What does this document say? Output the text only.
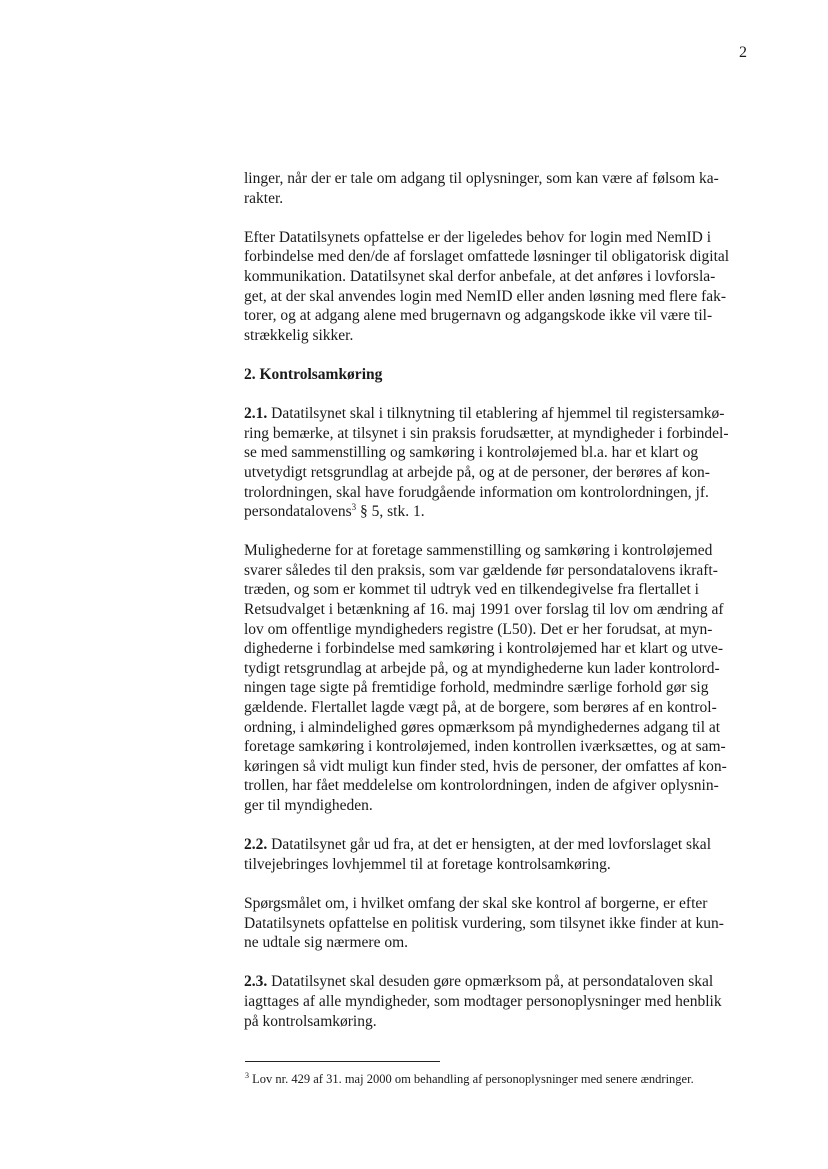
2

linger, når der er tale om adgang til oplysninger, som kan være af følsom ka-
rakter.

Efter Datatilsynets opfattelse er der ligeledes behov for login med NemID i
forbindelse med den/de af forslaget omfattede løsninger til obligatorisk digital
kommunikation. Datatilsynet skal derfor anbefale, at det anføres i lovforsla-
get, at der skal anvendes login med NemID eller anden løsning med flere fak-
torer, og at adgang alene med brugernavn og adgangskode ikke vil være til-
strækkelig sikker.

2. Kontrolsamkøring

2.1. Datatilsynet skal i tilknytning til etablering af hjemmel til registersamkø-
ring bemærke, at tilsynet i sin praksis forudsætter, at myndigheder i forbindel-
se med sammenstilling og samkøring i kontroløjemed bl.a. har et klart og
utvetydigt retsgrundlag at arbejde på, og at de personer, der berøres af kon-
trolordningen, skal have forudgående information om kontrolordningen, jf.
persondatalovens$^3$ § 5, stk. 1.

Mulighederne for at foretage sammenstilling og samkøring i kontroløjemed
svarer således til den praksis, som var gældende før persondatalovens ikraft-
træden, og som er kommet til udtryk ved en tilkendegivelse fra flertallet i
Retsudvalget i betænkning af 16. maj 1991 over forslag til lov om ændring af
lov om offentlige myndigheders registre (L50). Det er her forudsat, at myn-
dighederne i forbindelse med samkøring i kontroløjemed har et klart og utve-
tydigt retsgrundlag at arbejde på, og at myndighederne kun lader kontrolord-
ningen tage sigte på fremtidige forhold, medmindre særlige forhold gør sig
gældende. Flertallet lagde vægt på, at de borgere, som berøres af en kontrol-
ordning, i almindelighed gøres opmærksom på myndighedernes adgang til at
foretage samkøring i kontroløjemed, inden kontrollen iværksættes, og at sam-
køringen så vidt muligt kun finder sted, hvis de personer, der omfattes af kon-
trollen, har fået meddelelse om kontrolordningen, inden de afgiver oplysnin-
ger til myndigheden.

2.2. Datatilsynet går ud fra, at det er hensigten, at der med lovforslaget skal
tilvejebringes lovhjemmel til at foretage kontrolsamkøring.

Spørgsmålet om, i hvilket omfang der skal ske kontrol af borgerne, er efter
Datatilsynets opfattelse en politisk vurdering, som tilsynet ikke finder at kun-
ne udtale sig nærmere om.

2.3. Datatilsynet skal desuden gøre opmærksom på, at persondataloven skal
iagttages af alle myndigheder, som modtager personoplysninger med henblik
på kontrolsamkøring.

$^3$ Lov nr. 429 af 31. maj 2000 om behandling af personoplysninger med senere ændringer.
